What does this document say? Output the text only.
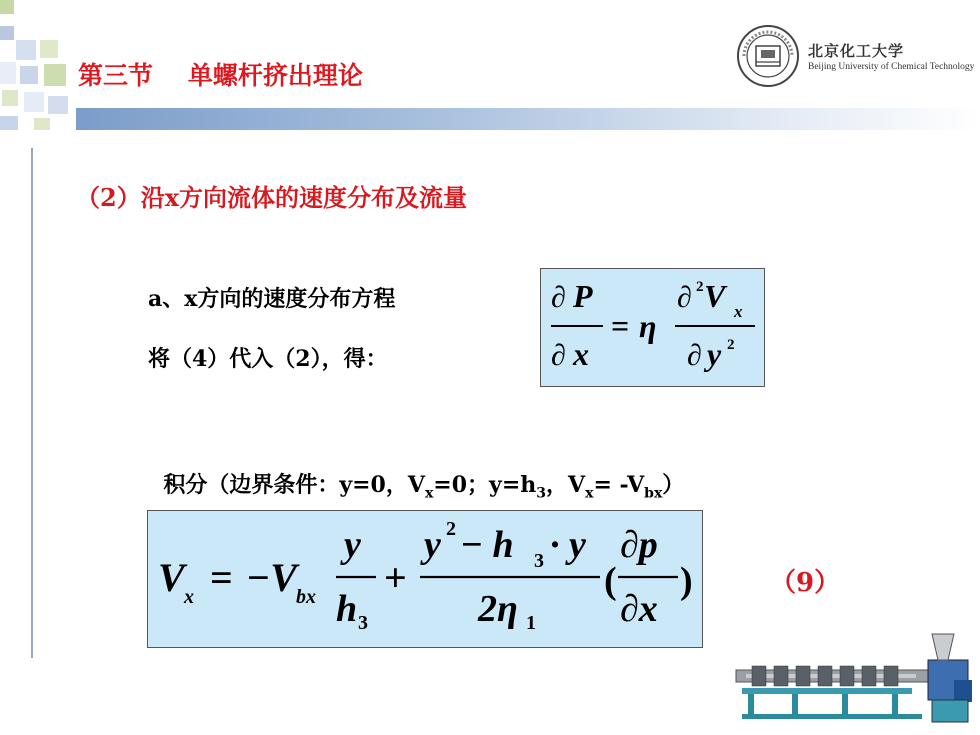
第三节    单螺杆挤出理论
北京化工大学
Beijing University of Chemical Technology
（2）沿x方向流体的速度分布及流量
a、x方向的速度分布方程
将（4）代入（2），得：
∂ P
∂ x
= η
∂ 2 V x
∂ y 2

积分（边界条件：y=0，$V_x=0$；$y=h_3$，$V_x= -V_{bx}$）

V x = −V bx
y
h 3
+
y 2 − h 3 · y
2η 1
(
∂p
∂x
)	（9）
